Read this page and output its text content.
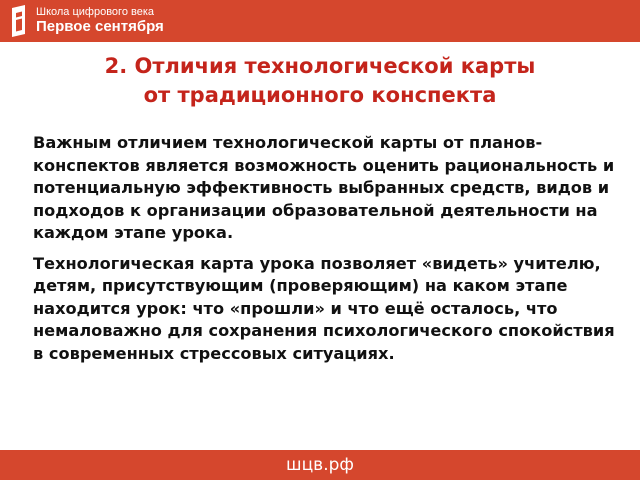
Школа цифрового века
Первое сентября
2. Отличия технологической карты
от традиционного конспекта

Важным отличием технологической карты от планов-конспектов является возможность оценить рациональность и потенциальную эффективность выбранных средств, видов и подходов к организации образовательной деятельности на каждом этапе урока.

Технологическая карта урока позволяет «видеть» учителю, детям, присутствующим (проверяющим) на каком этапе находится урок: что «прошли» и что ещё осталось, что немаловажно для сохранения психологического спокойствия в современных стрессовых ситуациях.

шцв.рф
